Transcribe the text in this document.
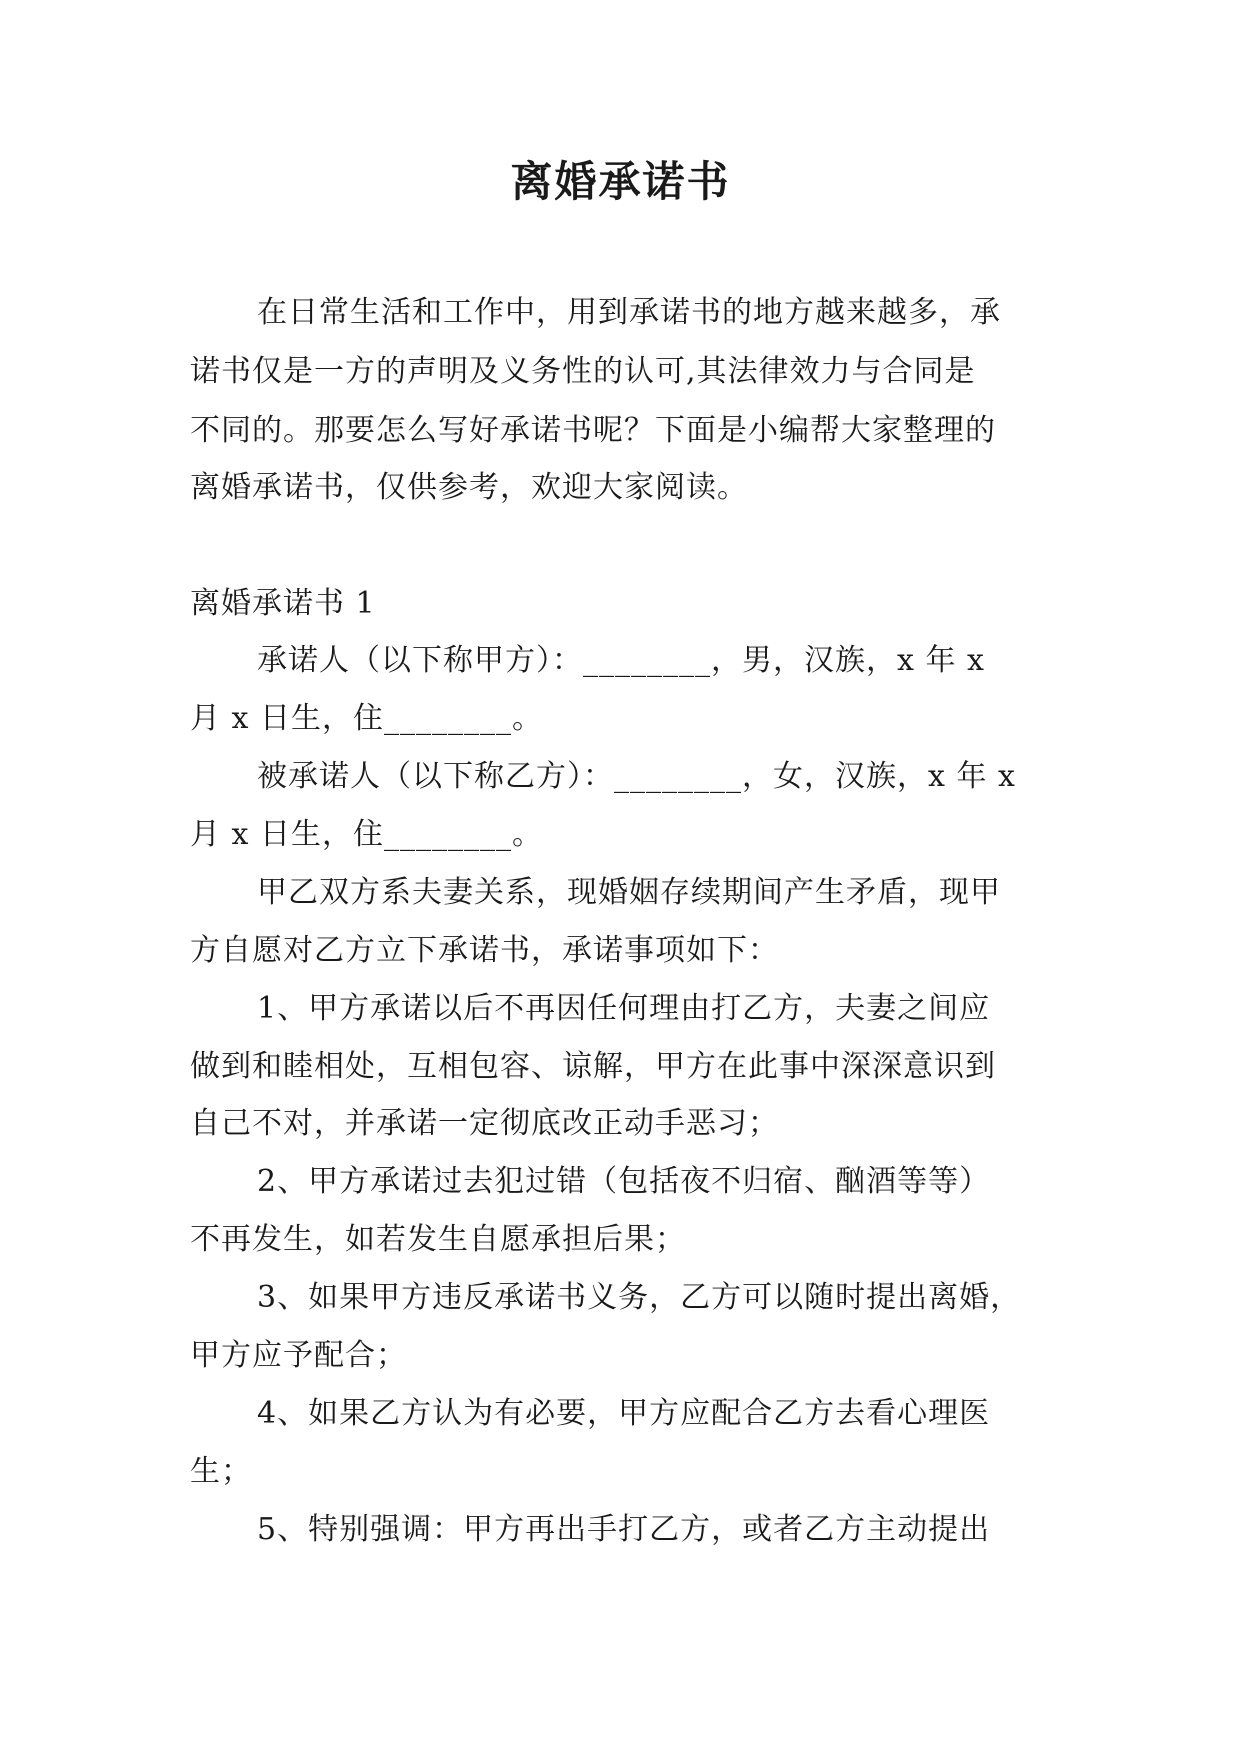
离婚承诺书
在日常生活和工作中，用到承诺书的地方越来越多，承
诺书仅是一方的声明及义务性的认可,其法律效力与合同是
不同的。那要怎么写好承诺书呢？下面是小编帮大家整理的
离婚承诺书，仅供参考，欢迎大家阅读。
离婚承诺书 1
承诺人（以下称甲方）：________，男，汉族，x 年 x
月 x 日生，住________。
被承诺人（以下称乙方）：________，女，汉族，x 年 x
月 x 日生，住________。
甲乙双方系夫妻关系，现婚姻存续期间产生矛盾，现甲
方自愿对乙方立下承诺书，承诺事项如下：
1、甲方承诺以后不再因任何理由打乙方，夫妻之间应
做到和睦相处，互相包容、谅解，甲方在此事中深深意识到
自己不对，并承诺一定彻底改正动手恶习；
2、甲方承诺过去犯过错（包括夜不归宿、酗酒等等）
不再发生，如若发生自愿承担后果；
3、如果甲方违反承诺书义务，乙方可以随时提出离婚，
甲方应予配合；
4、如果乙方认为有必要，甲方应配合乙方去看心理医
生；
5、特别强调：甲方再出手打乙方，或者乙方主动提出
